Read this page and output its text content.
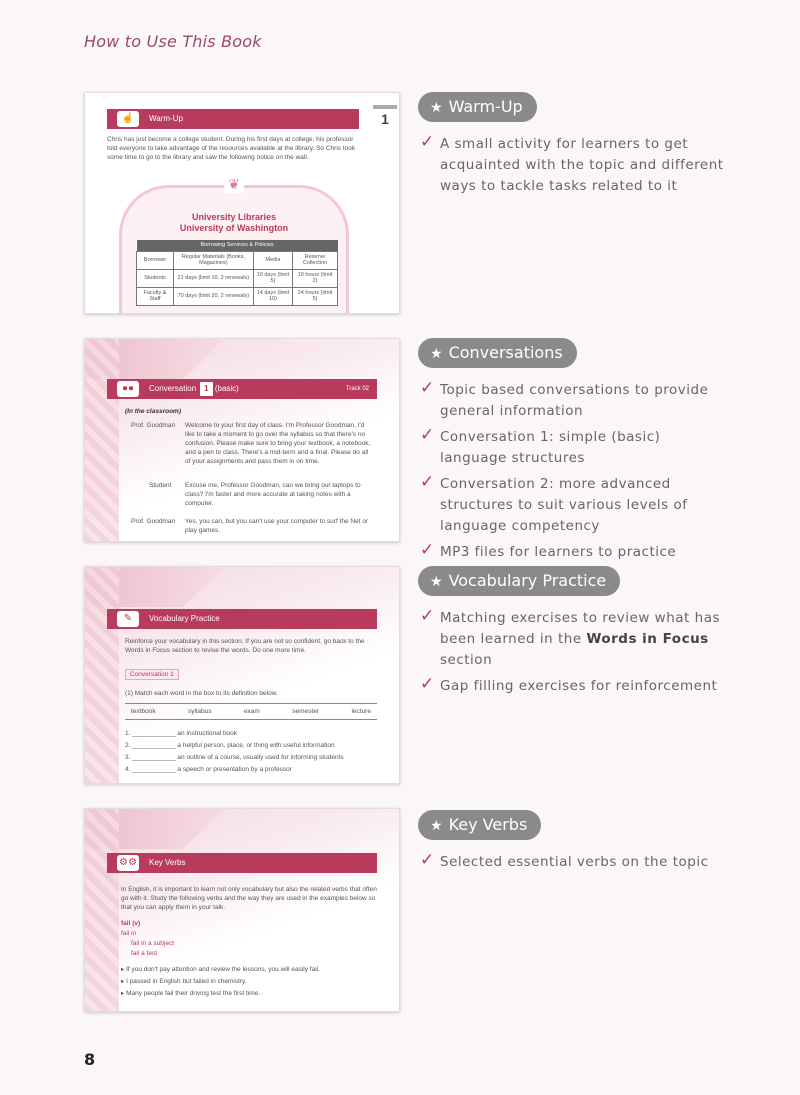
How to Use This Book
☝	Warm-Up	1
Chris has just become a college student. During his first days at college, his professor told everyone to take advantage of the resources available at the library. So Chris took some time to go to the library and saw the following notice on the wall.
❦
University Libraries
University of Washington
Borrowing Services & Policies			
Borrower	Regular Materials (Books, Magazines)	Media	Reserve Collection
Students	21 days (limit 10, 2 renewals)	10 days (limit 5)	10 hours (limit 2)
Faculty & Staff	70 days (limit 20, 2 renewals)	14 days (limit 10)	24 hours (limit 5)
★ Warm-Up
✓ A small activity for learners to get acquainted with the topic and different ways to tackle tasks related to it
●●	Conversation 1 (basic)	Track 02
(In the classroom)
Prof. Goodman	Welcome to your first day of class. I'm Professor Goodman. I'd like to take a moment to go over the syllabus so that there's no confusion. Please make sure to bring your textbook, a notebook, and a pen to class. There's a mid-term and a final. Please do all of your assignments and pass them in on time.
Student	Excuse me, Professor Goodman, can we bring our laptops to class? I'm faster and more accurate at taking notes with a computer.
Prof. Goodman	Yes, you can, but you can't use your computer to surf the Net or play games.
★ Conversations
✓ Topic based conversations to provide general information
✓ Conversation 1: simple (basic) language structures
✓ Conversation 2: more advanced structures to suit various levels of language competency
✓ MP3 files for learners to practice
✎	Vocabulary Practice
Reinforce your vocabulary in this section. If you are not so confident, go back to the Words in Focus section to revise the words. Do one more time.
Conversation 1
(1) Match each word in the box to its definition below.
textbook	syllabus	exam	semester	lecture
1. ____________ an instructional book
2. ____________ a helpful person, place, or thing with useful information
3. ____________ an outline of a course, usually used for informing students
4. ____________ a speech or presentation by a professor
★ Vocabulary Practice
✓ Matching exercises to review what has been learned in the Words in Focus section
✓ Gap filling exercises for reinforcement
⚙⚙ Key Verbs
In English, it is important to learn not only vocabulary but also the related verbs that often go with it. Study the following verbs and the way they are used in the examples below so that you can apply them in your talk.
fail (v)
fail in
fail in a subject
fail a test
▸ If you don't pay attention and review the lessons, you will easily fail.
▸ I passed in English but failed in chemistry.
▸ Many people fail their driving test the first time.
★ Key Verbs
✓ Selected essential verbs on the topic
8
